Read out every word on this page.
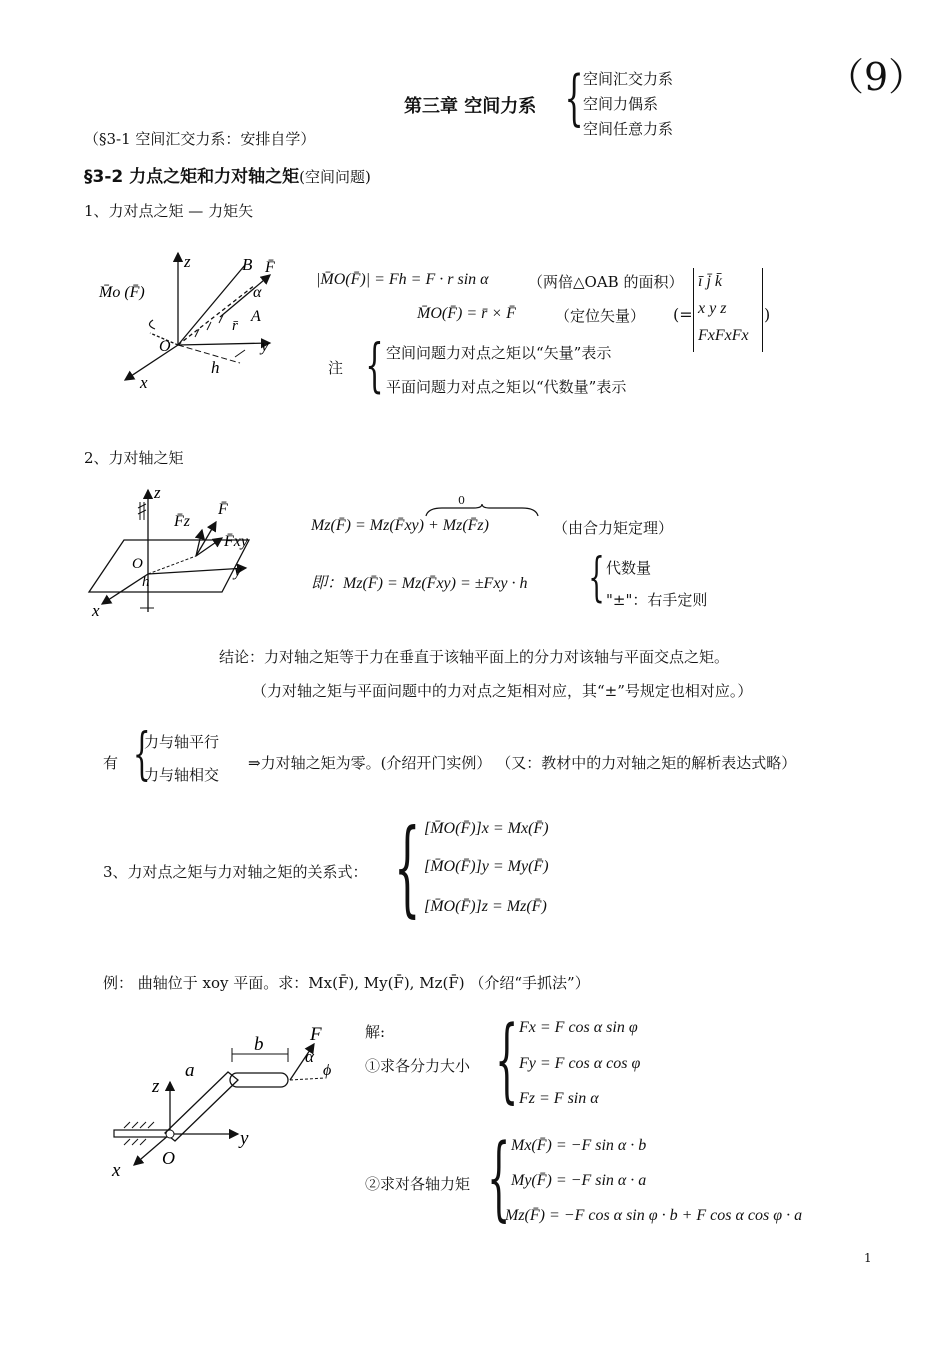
（9）
第三章 空间力系 { 空间汇交力系
空间力偶系
空间任意力系
（§3-1 空间汇交力系：安排自学）
§3-2 力点之矩和力对轴之矩(空间问题)
1、力对点之矩 — 力矩矢
z	B F̄
M̄o (F̄)	α
r̄
A
O	y
h
x
|M̄O(F̄)| = Fh = F · r sin α	（两倍△OAB 的面积）
M̄O(F̄) = r̄ × F̄	（定位矢量） (=
ī j̄ k̄
x y z
FxFxFx
)
注 { 空间问题力对点之矩以“矢量”表示
平面问题力对点之矩以“代数量”表示
2、力对轴之矩
z
F̄
F̄z
F̄xy
O
h
y
x
0
Mz(F̄) = Mz(F̄xy) + Mz(F̄z)	（由合力矩定理）
即：Mz(F̄) = Mz(F̄xy) = ±Fxy · h { 代数量
"±"：右手定则
结论：力对轴之矩等于力在垂直于该轴平面上的分力对该轴与平面交点之矩。
（力对轴之矩与平面问题中的力对点之矩相对应，其“±”号规定也相对应。）
有 {
力与轴平行
力与轴相交
⇒力对轴之矩为零。(介绍开门实例） （又：教材中的力对轴之矩的解析表达式略）
3、力对点之矩与力对轴之矩的关系式： { [M̄O(F̄)]x = Mx(F̄)
[M̄O(F̄)]y = My(F̄)
[M̄O(F̄)]z = Mz(F̄)
例： 曲轴位于 xoy 平面。求：Mx(F̄), My(F̄), Mz(F̄) （介绍“手抓法”）
F
b
a
α
ϕ
z
y
O
x
解:
①求各分力大小 { Fx = F cos α sin φ
Fy = F cos α cos φ
Fz = F sin α
②求对各轴力矩 { Mx(F̄) = −F sin α · b
My(F̄) = −F sin α · a
Mz(F̄) = −F cos α sin φ · b + F cos α cos φ · a
1
